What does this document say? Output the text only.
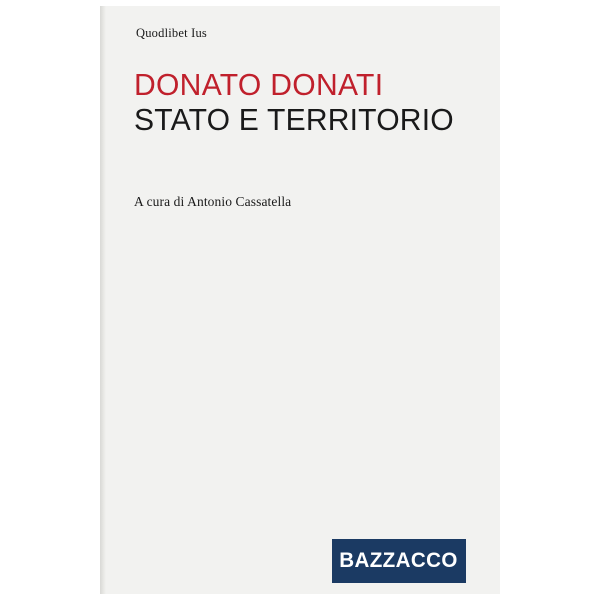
Quodlibet Ius
DONATO DONATI
STATO E TERRITORIO
A cura di Antonio Cassatella
BAZZACCO
